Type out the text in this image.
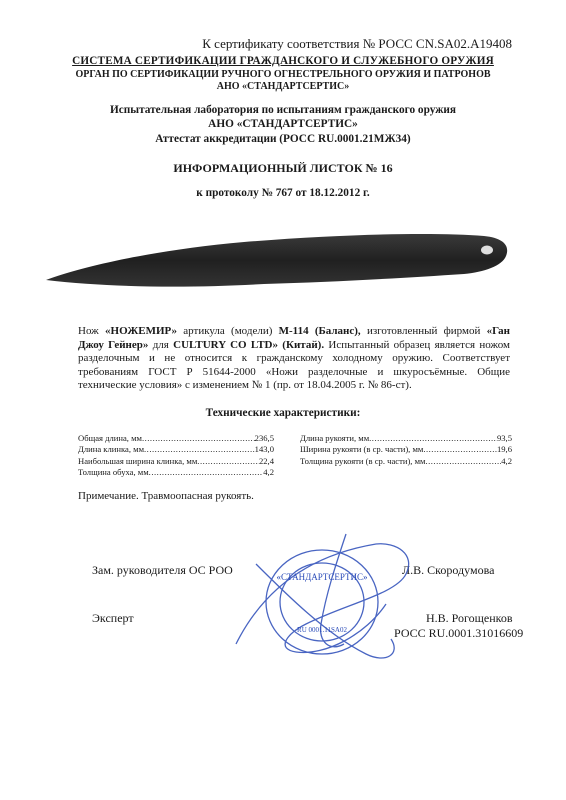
К сертификату соответствия № РОСС CN.SA02.A19408
СИСТЕМА СЕРТИФИКАЦИИ ГРАЖДАНСКОГО И СЛУЖЕБНОГО ОРУЖИЯ
ОРГАН ПО СЕРТИФИКАЦИИ РУЧНОГО ОГНЕСТРЕЛЬНОГО ОРУЖИЯ И ПАТРОНОВ
АНО «СТАНДАРТСЕРТИС»
Испытательная лаборатория по испытаниям гражданского оружия
АНО «СТАНДАРТСЕРТИС»
Аттестат аккредитации (РОСС RU.0001.21МЖ34)
ИНФОРМАЦИОННЫЙ ЛИСТОК № 16
к протоколу № 767 от 18.12.2012 г.
Нож «НОЖЕМИР» артикула (модели) М-114 (Баланс), изготовленный фирмой «Ган Джоу Гейнер» для CULTURY CO LTD» (Китай). Испытанный образец является ножом разделочным и не относится к гражданскому холодному оружию. Соответствует требованиям ГОСТ Р 51644-2000 «Ножи разделочные и шкуросъёмные. Общие технические условия» с изменением № 1 (пр. от 18.04.2005 г. № 86-ст).
Технические характеристики:
Общая длина, мм .....	236,5
Длина клинка, мм .....	143,0
Наибольшая ширина клинка, мм .....	22,4
Толщина обуха, мм .....	4,2
Длина рукояти, мм .....	93,5
Ширина рукояти (в ср. части), мм .....	19,6
Толщина рукояти (в ср. части), мм .....	4,2
Примечание. Травмоопасная рукоять.
Зам. руководителя ОС РОО	Л.В. Скородумова
Эксперт	Н.В. Рогощенков
РОСС RU.0001.31016609
«СТАНДАРТСЕРТИС»
RU 0001.11SA02
